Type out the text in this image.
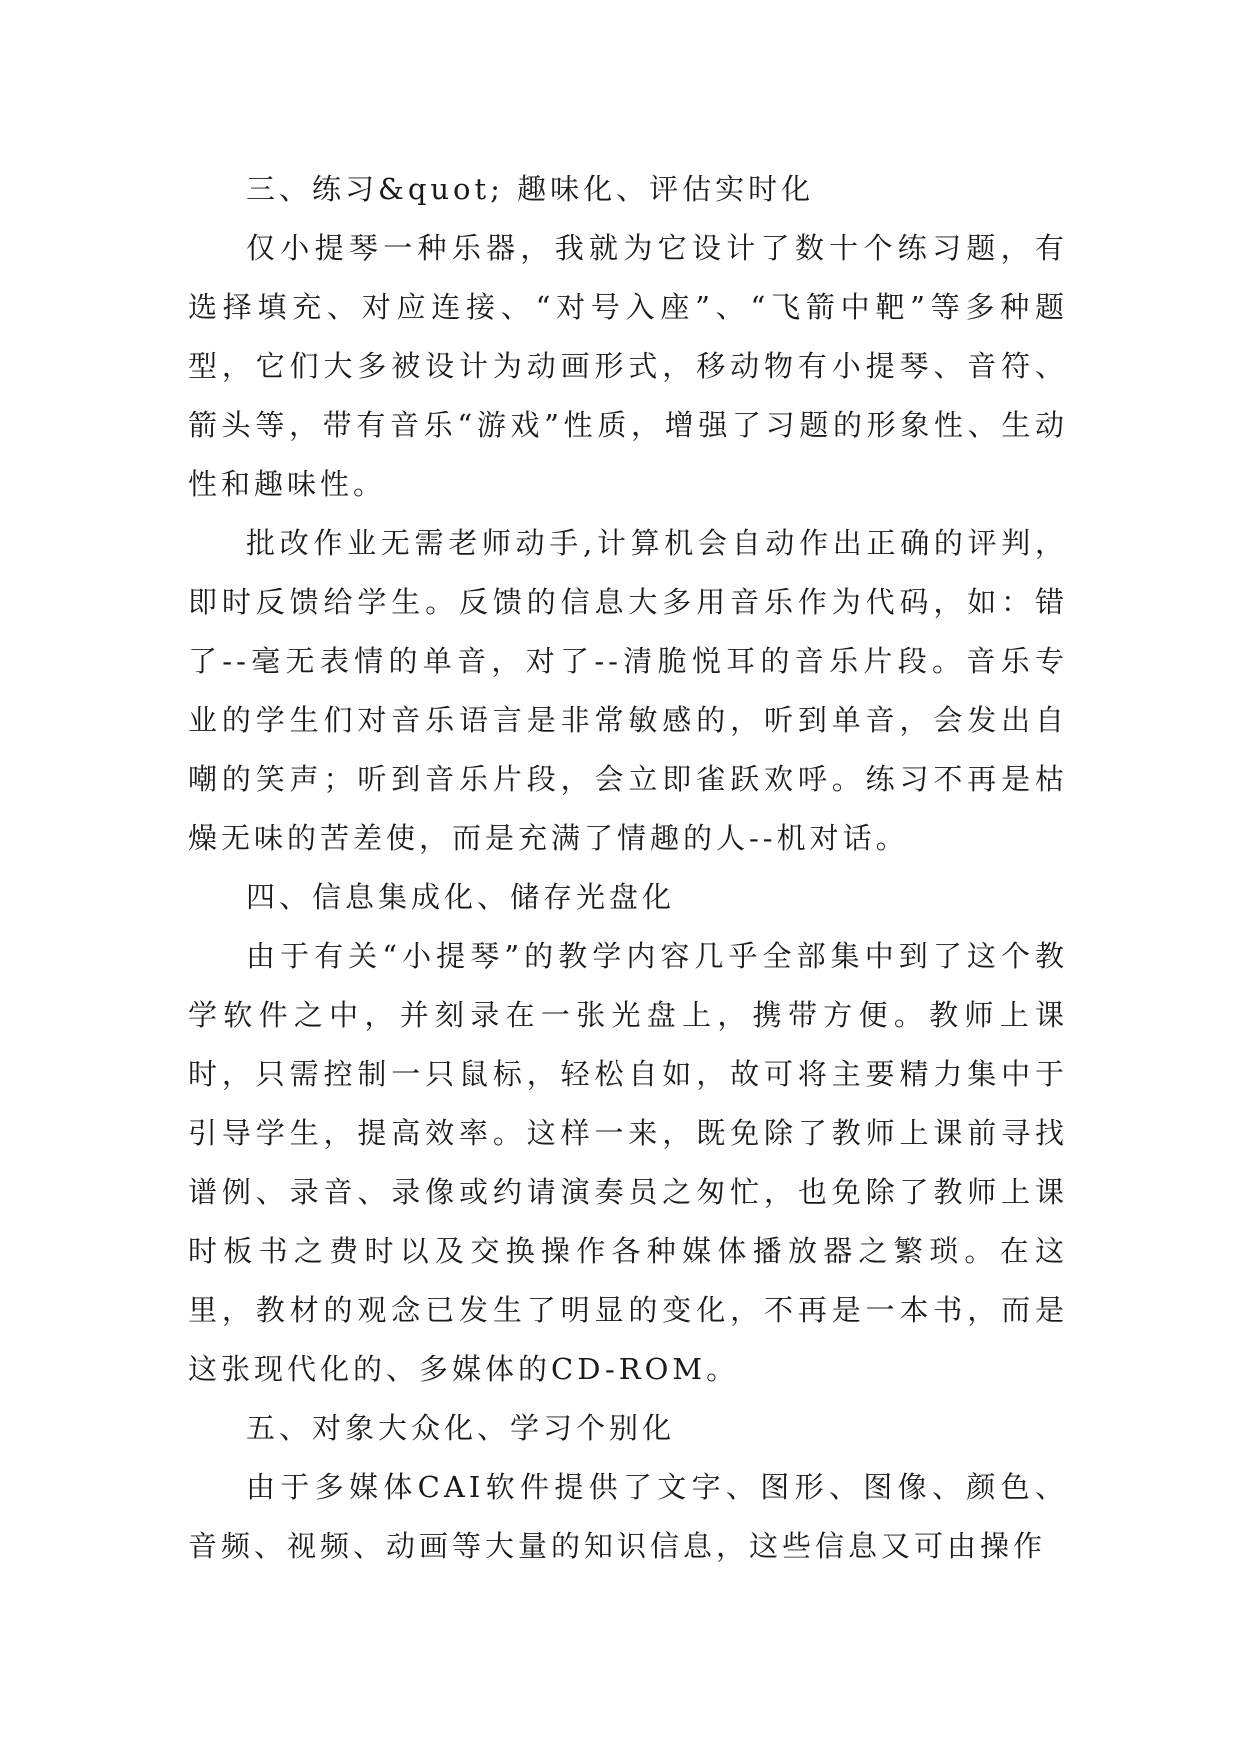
三、练习&quot; 趣味化、评估实时化

仅小提琴一种乐器，我就为它设计了数十个练习题，有选择填充、对应连接、“对号入座”、“飞箭中靶”等多种题型，它们大多被设计为动画形式，移动物有小提琴、音符、箭头等，带有音乐“游戏”性质，增强了习题的形象性、生动性和趣味性。

批改作业无需老师动手,计算机会自动作出正确的评判，即时反馈给学生。反馈的信息大多用音乐作为代码，如：错了--毫无表情的单音，对了--清脆悦耳的音乐片段。音乐专业的学生们对音乐语言是非常敏感的，听到单音，会发出自嘲的笑声；听到音乐片段，会立即雀跃欢呼。练习不再是枯燥无味的苦差使，而是充满了情趣的人--机对话。

四、信息集成化、储存光盘化

由于有关“小提琴”的教学内容几乎全部集中到了这个教学软件之中，并刻录在一张光盘上，携带方便。教师上课时，只需控制一只鼠标，轻松自如，故可将主要精力集中于引导学生，提高效率。这样一来，既免除了教师上课前寻找谱例、录音、录像或约请演奏员之匆忙，也免除了教师上课时板书之费时以及交换操作各种媒体播放器之繁琐。在这里，教材的观念已发生了明显的变化，不再是一本书，而是这张现代化的、多媒体的CD-ROM。

五、对象大众化、学习个别化

由于多媒体CAI软件提供了文字、图形、图像、颜色、音频、视频、动画等大量的知识信息，这些信息又可由操作
